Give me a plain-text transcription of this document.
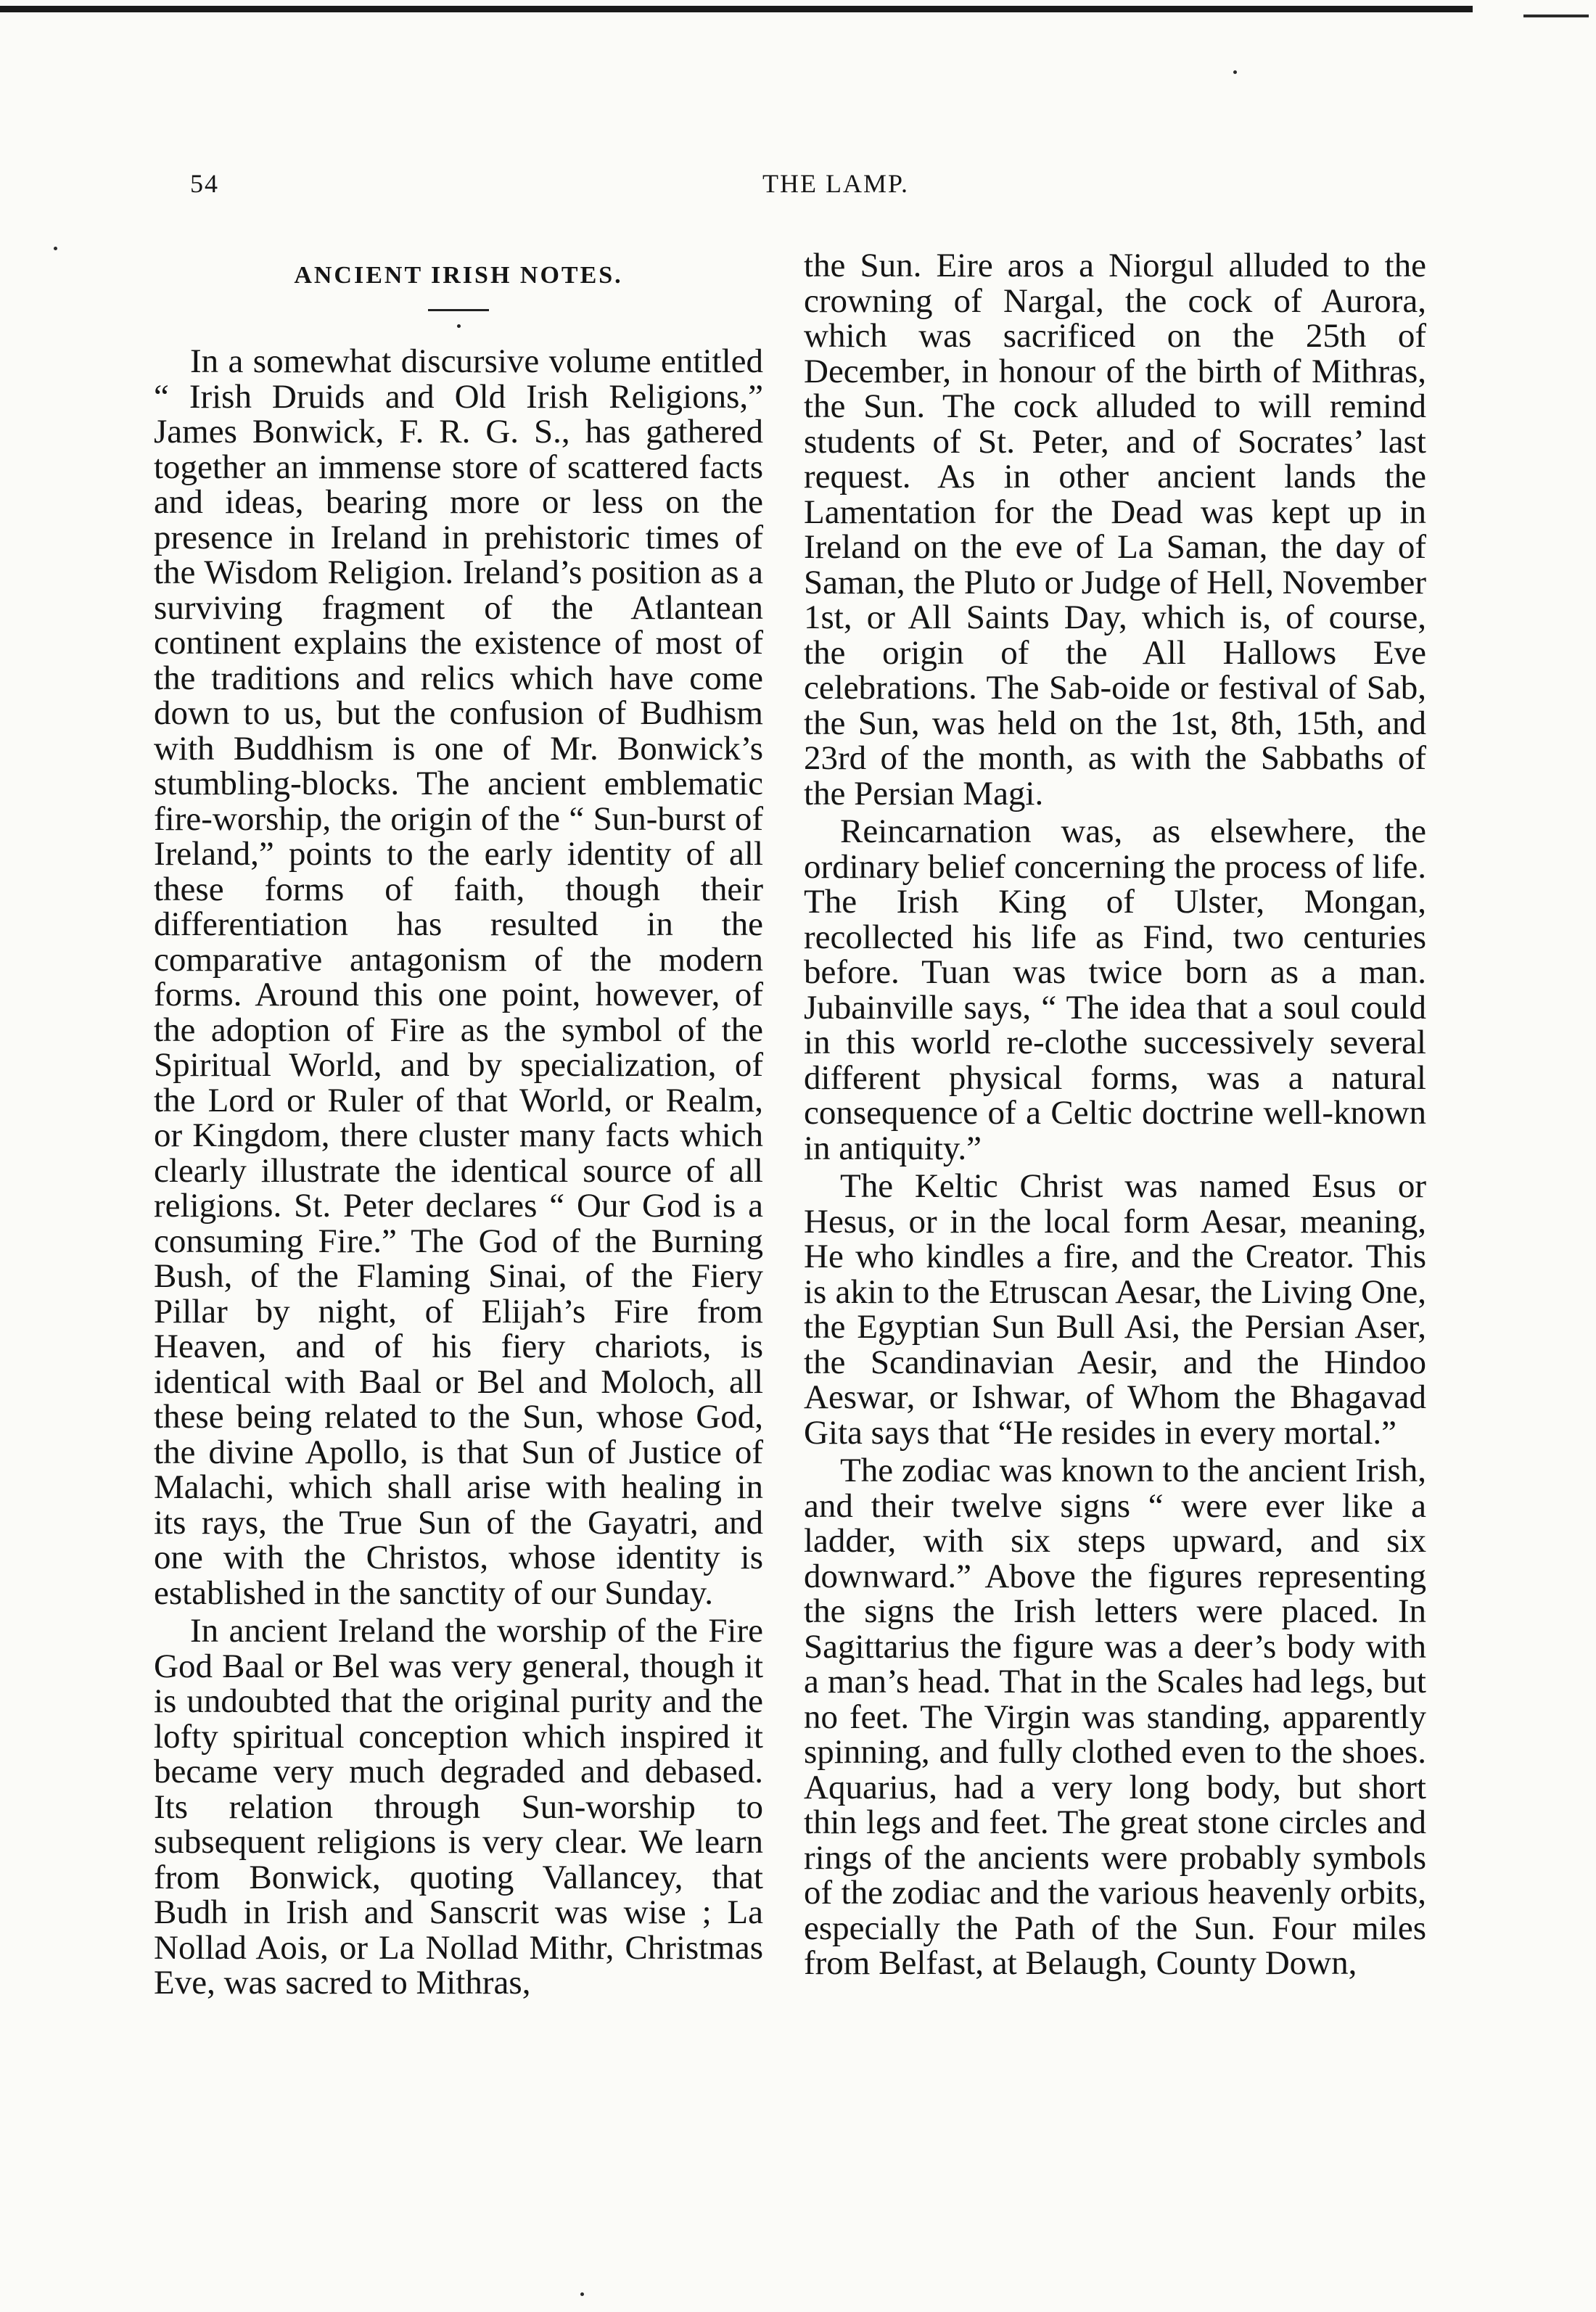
54	THE LAMP.
ANCIENT IRISH NOTES.

In a somewhat discursive volume entitled “ Irish Druids and Old Irish Religions,” James Bonwick, F. R. G. S., has gathered together an immense store of scattered facts and ideas, bearing more or less on the presence in Ireland in prehistoric times of the Wisdom Religion. Ireland’s position as a surviving fragment of the Atlantean continent explains the existence of most of the traditions and relics which have come down to us, but the confusion of Budhism with Buddhism is one of Mr. Bonwick’s stumbling-blocks. The ancient emblematic fire-worship, the origin of the “ Sun-burst of Ireland,” points to the early identity of all these forms of faith, though their differentiation has resulted in the comparative antagonism of the modern forms. Around this one point, however, of the adoption of Fire as the symbol of the Spiritual World, and by specialization, of the Lord or Ruler of that World, or Realm, or Kingdom, there cluster many facts which clearly illustrate the identical source of all religions. St. Peter declares “ Our God is a consuming Fire.” The God of the Burning Bush, of the Flaming Sinai, of the Fiery Pillar by night, of Elijah’s Fire from Heaven, and of his fiery chariots, is identical with Baal or Bel and Moloch, all these being related to the Sun, whose God, the divine Apollo, is that Sun of Justice of Malachi, which shall arise with healing in its rays, the True Sun of the Gayatri, and one with the Christos, whose identity is established in the sanctity of our Sunday.

In ancient Ireland the worship of the Fire God Baal or Bel was very general, though it is undoubted that the original purity and the lofty spiritual conception which inspired it became very much degraded and debased. Its relation through Sun-worship to subsequent religions is very clear. We learn from Bonwick, quoting Vallancey, that Budh in Irish and Sanscrit was wise ; La Nollad Aois, or La Nollad Mithr, Christmas Eve, was sacred to Mithras,

the Sun. Eire aros a Niorgul alluded to the crowning of Nargal, the cock of Aurora, which was sacrificed on the 25th of December, in honour of the birth of Mithras, the Sun. The cock alluded to will remind students of St. Peter, and of Socrates’ last request. As in other ancient lands the Lamentation for the Dead was kept up in Ireland on the eve of La Saman, the day of Saman, the Pluto or Judge of Hell, November 1st, or All Saints Day, which is, of course, the origin of the All Hallows Eve celebrations. The Sab-oide or festival of Sab, the Sun, was held on the 1st, 8th, 15th, and 23rd of the month, as with the Sabbaths of the Persian Magi.

Reincarnation was, as elsewhere, the ordinary belief concerning the process of life. The Irish King of Ulster, Mongan, recollected his life as Find, two centuries before. Tuan was twice born as a man. Jubainville says, “ The idea that a soul could in this world re-clothe successively several different physical forms, was a natural consequence of a Celtic doctrine well-known in antiquity.”

The Keltic Christ was named Esus or Hesus, or in the local form Aesar, meaning, He who kindles a fire, and the Creator. This is akin to the Etruscan Aesar, the Living One, the Egyptian Sun Bull Asi, the Persian Aser, the Scandinavian Aesir, and the Hindoo Aeswar, or Ishwar, of Whom the Bhagavad Gita says that “He resides in every mortal.”

The zodiac was known to the ancient Irish, and their twelve signs “ were ever like a ladder, with six steps upward, and six downward.” Above the figures representing the signs the Irish letters were placed. In Sagittarius the figure was a deer’s body with a man’s head. That in the Scales had legs, but no feet. The Virgin was standing, apparently spinning, and fully clothed even to the shoes. Aquarius, had a very long body, but short thin legs and feet. The great stone circles and rings of the ancients were probably symbols of the zodiac and the various heavenly orbits, especially the Path of the Sun. Four miles from Belfast, at Belaugh, County Down,
